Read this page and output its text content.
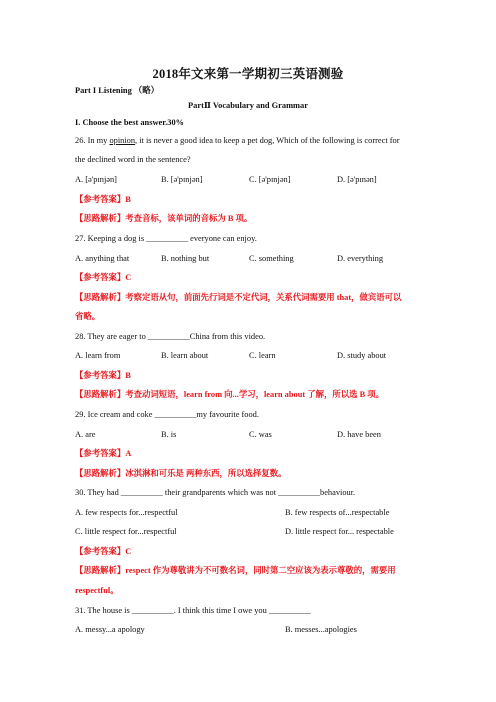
2018年文来第一学期初三英语测验
Part I Listening （略）
PartⅡ Vocabulary and Grammar
I. Choose the best answer.30%
26. In my opinion, it is never a good idea to keep a pet dog, Which of the following is correct for
the declined word in the sentence?
A. [ə'pɪnjən]	B. [ə'pɪnjən]	C. [ə'pɪnjən]	D. [ə'pɪnən]
【参考答案】B
【思路解析】考查音标，该单词的音标为 B 项。
27. Keeping a dog is __________ everyone can enjoy.
A. anything that	B. nothing but	C. something	D. everything
【参考答案】C
【思路解析】考察定语从句，前面先行词是不定代词，关系代词需要用 that，做宾语可以
省略。
28. They are eager to __________China from this video.
A. learn from	B. learn about	C. learn	D. study about
【参考答案】B
【思路解析】考查动词短语，learn from 向...学习，learn about 了解，所以选 B 项。
29. Ice cream and coke __________my favourite food.
A. are	B. is	C. was	D. have been
【参考答案】A
【思路解析】冰淇淋和可乐是 两种东西，所以选择复数。
30. They had __________ their grandparents which was not __________behaviour.
A. few respects for...respectful	B. few respects of...respectable
C. little respect for...respectful	D. little respect for... respectable
【参考答案】C
【思路解析】respect 作为尊敬讲为不可数名词，同时第二空应该为表示尊敬的，需要用
respectful。
31. The house is __________. I think this time I owe you __________
A. messy...a apology	B. messes...apologies
